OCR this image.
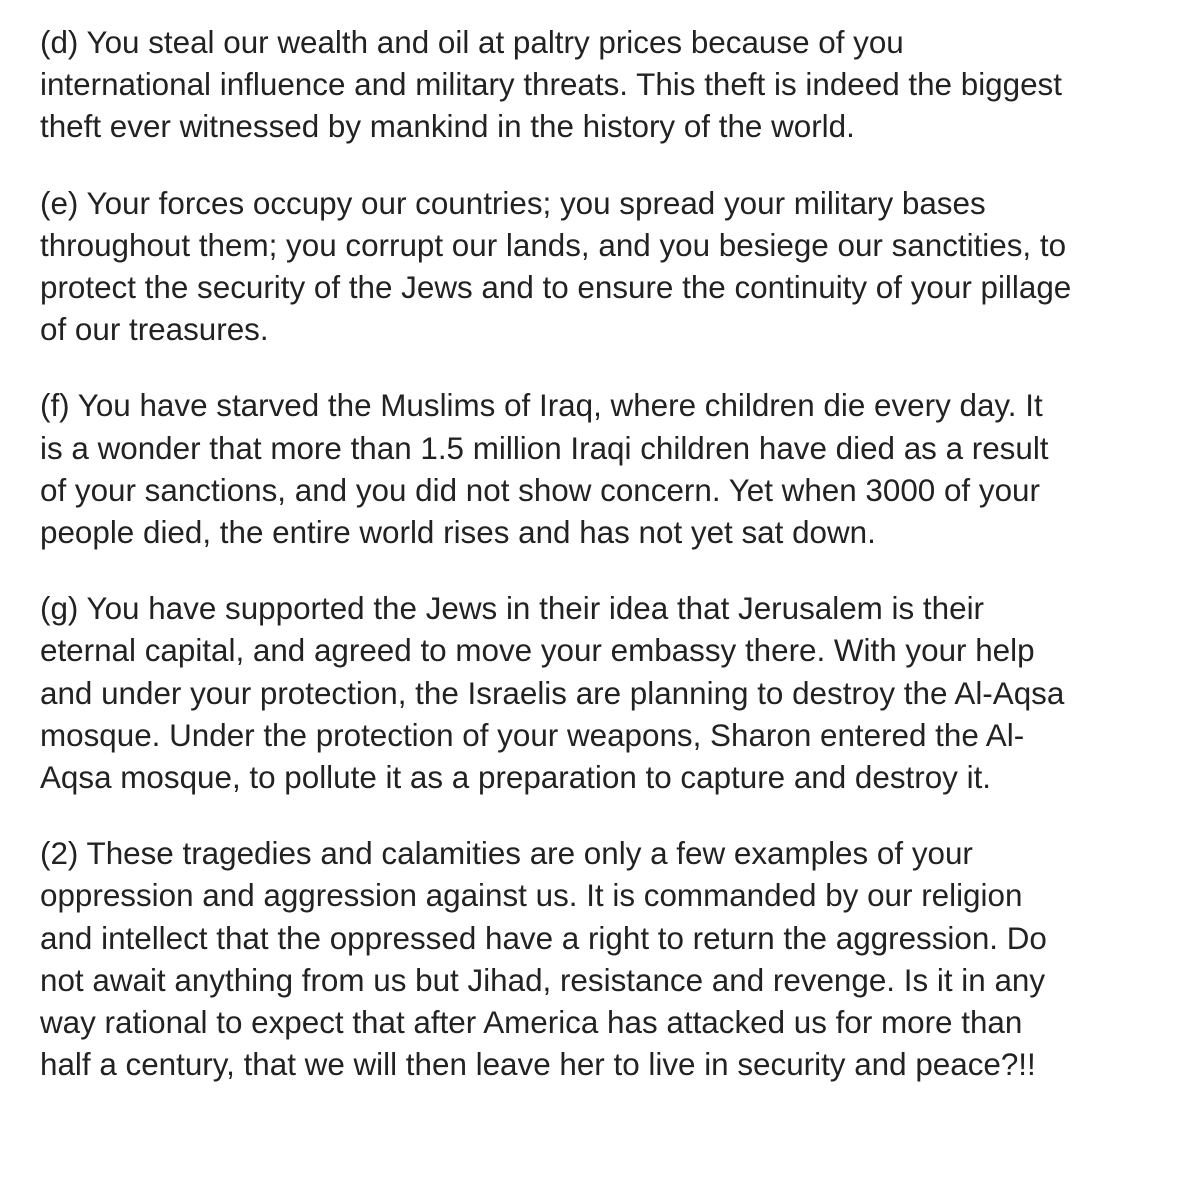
(d) You steal our wealth and oil at paltry prices because of you
international influence and military threats. This theft is indeed the biggest
theft ever witnessed by mankind in the history of the world.

(e) Your forces occupy our countries; you spread your military bases
throughout them; you corrupt our lands, and you besiege our sanctities, to
protect the security of the Jews and to ensure the continuity of your pillage
of our treasures.

(f) You have starved the Muslims of Iraq, where children die every day. It
is a wonder that more than 1.5 million Iraqi children have died as a result
of your sanctions, and you did not show concern. Yet when 3000 of your
people died, the entire world rises and has not yet sat down.

(g) You have supported the Jews in their idea that Jerusalem is their
eternal capital, and agreed to move your embassy there. With your help
and under your protection, the Israelis are planning to destroy the Al-Aqsa
mosque. Under the protection of your weapons, Sharon entered the Al-
Aqsa mosque, to pollute it as a preparation to capture and destroy it.

(2) These tragedies and calamities are only a few examples of your
oppression and aggression against us. It is commanded by our religion
and intellect that the oppressed have a right to return the aggression. Do
not await anything from us but Jihad, resistance and revenge. Is it in any
way rational to expect that after America has attacked us for more than
half a century, that we will then leave her to live in security and peace?!!
